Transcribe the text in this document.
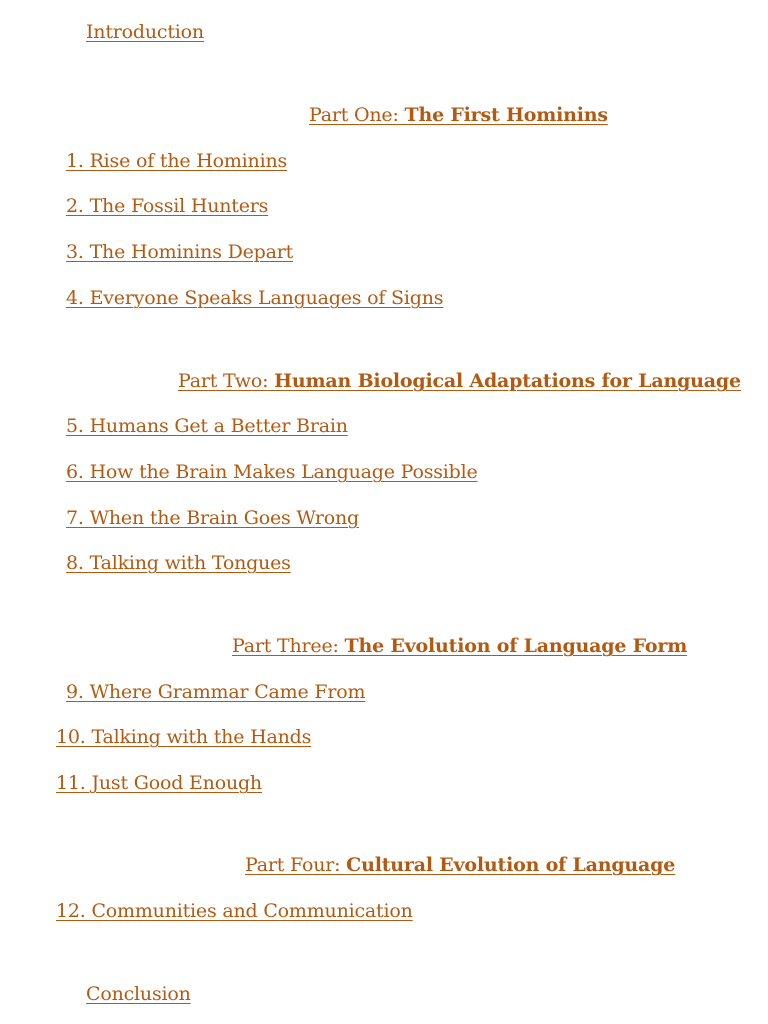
Introduction
Part One: The First Hominins
1. Rise of the Hominins
2. The Fossil Hunters
3. The Hominins Depart
4. Everyone Speaks Languages of Signs
Part Two: Human Biological Adaptations for Language
5. Humans Get a Better Brain
6. How the Brain Makes Language Possible
7. When the Brain Goes Wrong
8. Talking with Tongues
Part Three: The Evolution of Language Form
9. Where Grammar Came From
10. Talking with the Hands
11. Just Good Enough
Part Four: Cultural Evolution of Language
12. Communities and Communication
Conclusion
